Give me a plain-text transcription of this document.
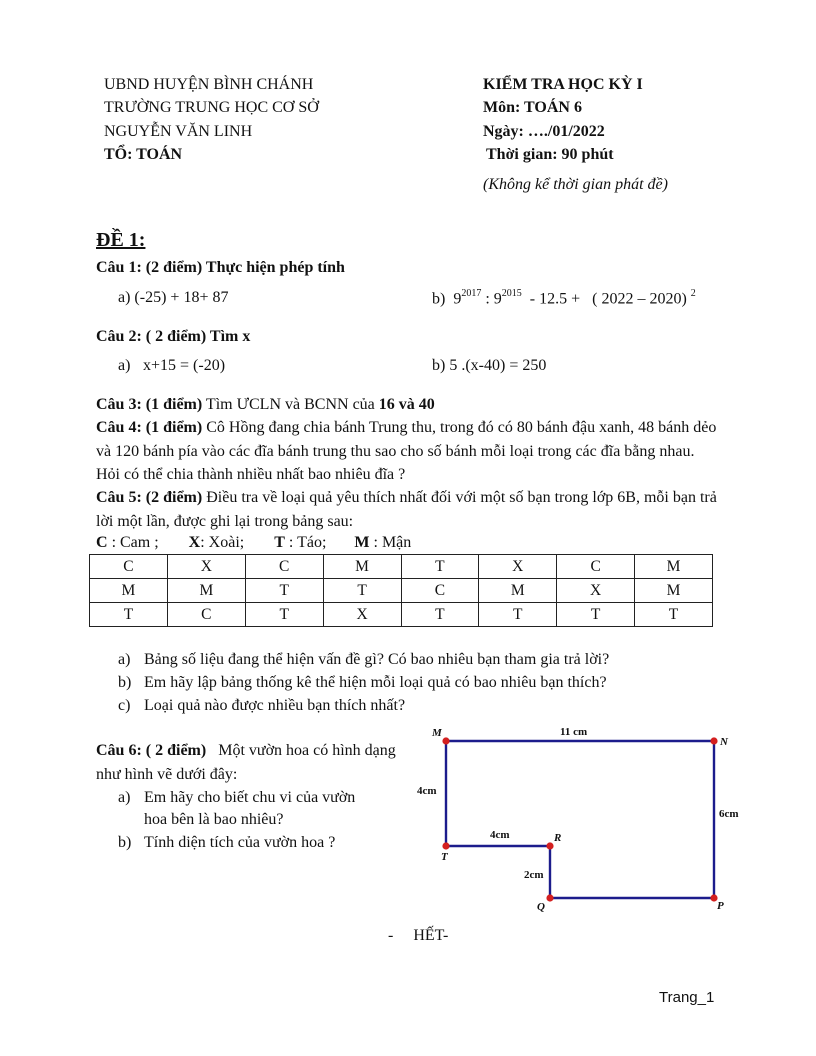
UBND HUYỆN BÌNH CHÁNH
TRƯỜNG TRUNG HỌC CƠ SỞ
NGUYỄN VĂN LINH
TỔ: TOÁN
KIỂM TRA HỌC KỲ I
Môn: TOÁN 6
Ngày: …./01/2022
Thời gian: 90 phút
(Không kể thời gian phát đề)
ĐỀ 1:
Câu 1: (2 điểm) Thực hiện phép tính
a) (-25) + 18+ 87	b) $9^{2017}$ : $9^{2015} - 12.5$ +   ( 2022 – 2020) $^2$
Câu 2: ( 2 điểm) Tìm x
a) x+15 = (-20)	b) 5 .(x-40) = 250
Câu 3: (1 điểm) Tìm ƯCLN và BCNN của 16 và 40
Câu 4: (1 điểm) Cô Hồng đang chia bánh Trung thu, trong đó có 80 bánh đậu xanh, 48 bánh dẻo và 120 bánh pía vào các đĩa bánh trung thu sao cho số bánh mỗi loại trong các đĩa bằng nhau. Hỏi có thể chia thành nhiều nhất bao nhiêu đĩa ?
Câu 5: (2 điểm) Điều tra về loại quả yêu thích nhất đối với một số bạn trong lớp 6B, mỗi bạn trả lời một lần, được ghi lại trong bảng sau:
C : Cam ; X: Xoài; T : Táo; M : Mận
C	X	C	M	T	X	C	M
M	M	T	T	C	M	X	M
T	C	T	X	T	T	T	T
a) Bảng số liệu đang thể hiện vấn đề gì? Có bao nhiêu bạn tham gia trả lời?
b) Em hãy lập bảng thống kê thể hiện mỗi loại quả có bao nhiêu bạn thích?
c) Loại quả nào được nhiều bạn thích nhất?
Câu 6: ( 2 điểm)   Một vườn hoa có hình dạng
như hình vẽ dưới đây:
a) Em hãy cho biết chu vi của vườn
hoa bên là bao nhiêu?
b) Tính diện tích của vườn hoa ?
M
N
P
Q
R
T
11 cm
6cm
4cm
4cm
2cm
-     HẾT-
Trang_1
